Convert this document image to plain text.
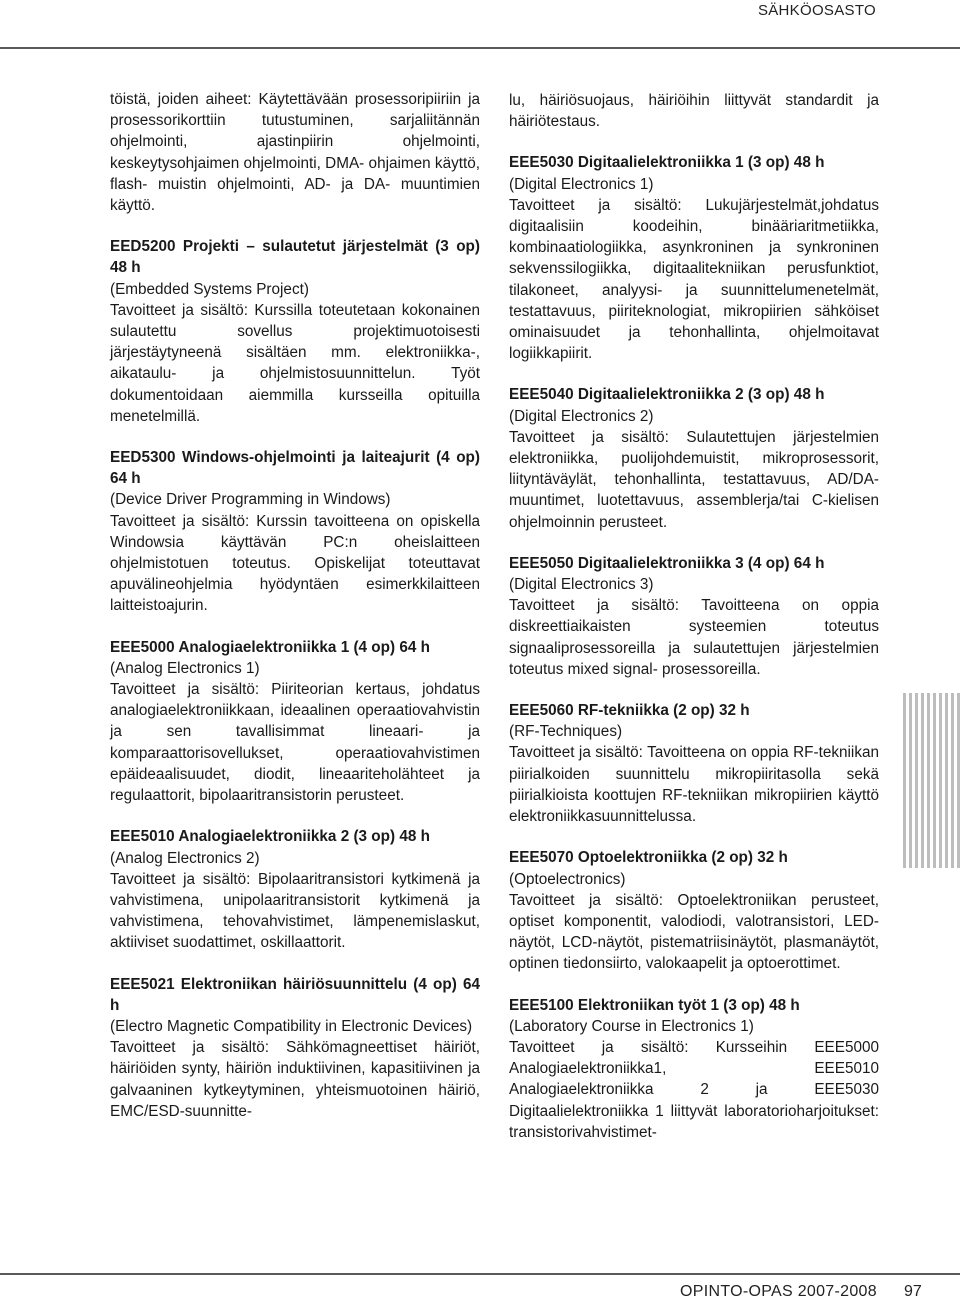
SÄHKÖOSASTO

töistä, joiden aiheet: Käytettävään prosessoripiiriin ja prosessorikorttiin tutustuminen, sarjaliitännän ohjelmointi, ajastinpiirin ohjelmointi, keskeytysohjaimen ohjelmointi, DMA- ohjaimen käyttö, flash- muistin ohjelmointi, AD- ja DA- muuntimien käyttö.

EED5200 Projekti – sulautetut järjestelmät (3 op) 48 h

(Embedded Systems Project)

Tavoitteet ja sisältö: Kurssilla toteutetaan kokonainen sulautettu sovellus projektimuotoisesti järjestäytyneenä sisältäen mm. elektroniikka-, aikataulu- ja ohjelmistosuunnittelun. Työt dokumentoidaan aiemmilla kursseilla opituilla menetelmillä.

EED5300 Windows-ohjelmointi ja laiteajurit (4 op) 64 h

(Device Driver Programming in Windows)

Tavoitteet ja sisältö: Kurssin tavoitteena on opiskella Windowsia käyttävän PC:n oheislaitteen ohjelmistotuen toteutus. Opiskelijat toteuttavat apuvälineohjelmia hyödyntäen esimerkkilaitteen laitteistoajurin.

EEE5000 Analogiaelektroniikka 1 (4 op) 64 h

(Analog Electronics 1)

Tavoitteet ja sisältö: Piiriteorian kertaus, johdatus analogiaelektroniikkaan, ideaalinen operaatiovahvistin ja sen tavallisimmat lineaari- ja komparaattorisovellukset, operaatiovahvistimen epäideaalisuudet, diodit, lineaariteholähteet ja regulaattorit, bipolaaritransistorin perusteet.

EEE5010 Analogiaelektroniikka 2 (3 op) 48 h

(Analog Electronics 2)

Tavoitteet ja sisältö: Bipolaaritransistori kytkimenä ja vahvistimena, unipolaaritransistorit kytkimenä ja vahvistimena, tehovahvistimet, lämpenemislaskut, aktiiviset suodattimet, oskillaattorit.

EEE5021 Elektroniikan häiriösuunnittelu (4 op) 64 h

(Electro Magnetic Compatibility in Electronic Devices)

Tavoitteet ja sisältö: Sähkömagneettiset häiriöt, häiriöiden synty, häiriön induktiivinen, kapasitiivinen ja galvaaninen kytkeytyminen, yhteismuotoinen häiriö, EMC/ESD-suunnitte-

lu, häiriösuojaus, häiriöihin liittyvät standardit ja häiriötestaus.

EEE5030 Digitaalielektroniikka 1 (3 op) 48 h

(Digital Electronics 1)

Tavoitteet ja sisältö: Lukujärjestelmät,johdatus digitaalisiin koodeihin, binääriaritmetiikka, kombinaatiologiikka, asynkroninen ja synkroninen sekvenssilogiikka, digitaalitekniikan perusfunktiot, tilakoneet, analyysi- ja suunnittelumenetelmät, testattavuus, piiriteknologiat, mikropiirien sähköiset ominaisuudet ja tehonhallinta, ohjelmoitavat logiikkapiirit.

EEE5040 Digitaalielektroniikka 2 (3 op) 48 h

(Digital Electronics 2)

Tavoitteet ja sisältö: Sulautettujen järjestelmien elektroniikka, puolijohdemuistit, mikroprosessorit, liityntäväylät, tehonhallinta, testattavuus, AD/DA-muuntimet, luotettavuus, assemblerja/tai C-kielisen ohjelmoinnin perusteet.

EEE5050 Digitaalielektroniikka 3 (4 op) 64 h

(Digital Electronics 3)

Tavoitteet ja sisältö: Tavoitteena on oppia diskreettiaikaisten systeemien toteutus signaaliprosessoreilla ja sulautettujen järjestelmien toteutus mixed signal- prosessoreilla.

EEE5060 RF-tekniikka (2 op) 32 h

(RF-Techniques)

Tavoitteet ja sisältö: Tavoitteena on oppia RF-tekniikan piirialkoiden suunnittelu mikropiiritasolla sekä piirialkioista koottujen RF-tekniikan mikropiirien käyttö elektroniikkasuunnittelussa.

EEE5070 Optoelektroniikka (2 op) 32 h

(Optoelectronics)

Tavoitteet ja sisältö: Optoelektroniikan perusteet, optiset komponentit, valodiodi, valotransistori, LED-näytöt, LCD-näytöt, pistematriisinäytöt, plasmanäytöt, optinen tiedonsiirto, valokaapelit ja optoerottimet.

EEE5100 Elektroniikan työt 1 (3 op) 48 h

(Laboratory Course in Electronics 1)

Tavoitteet ja sisältö: Kursseihin EEE5000 Analogiaelektroniikka1, EEE5010 Analogiaelektroniikka 2 ja EEE5030 Digitaalielektroniikka 1 liittyvät laboratorioharjoitukset: transistorivahvistimet-

OPINTO-OPAS 2007-2008 97
